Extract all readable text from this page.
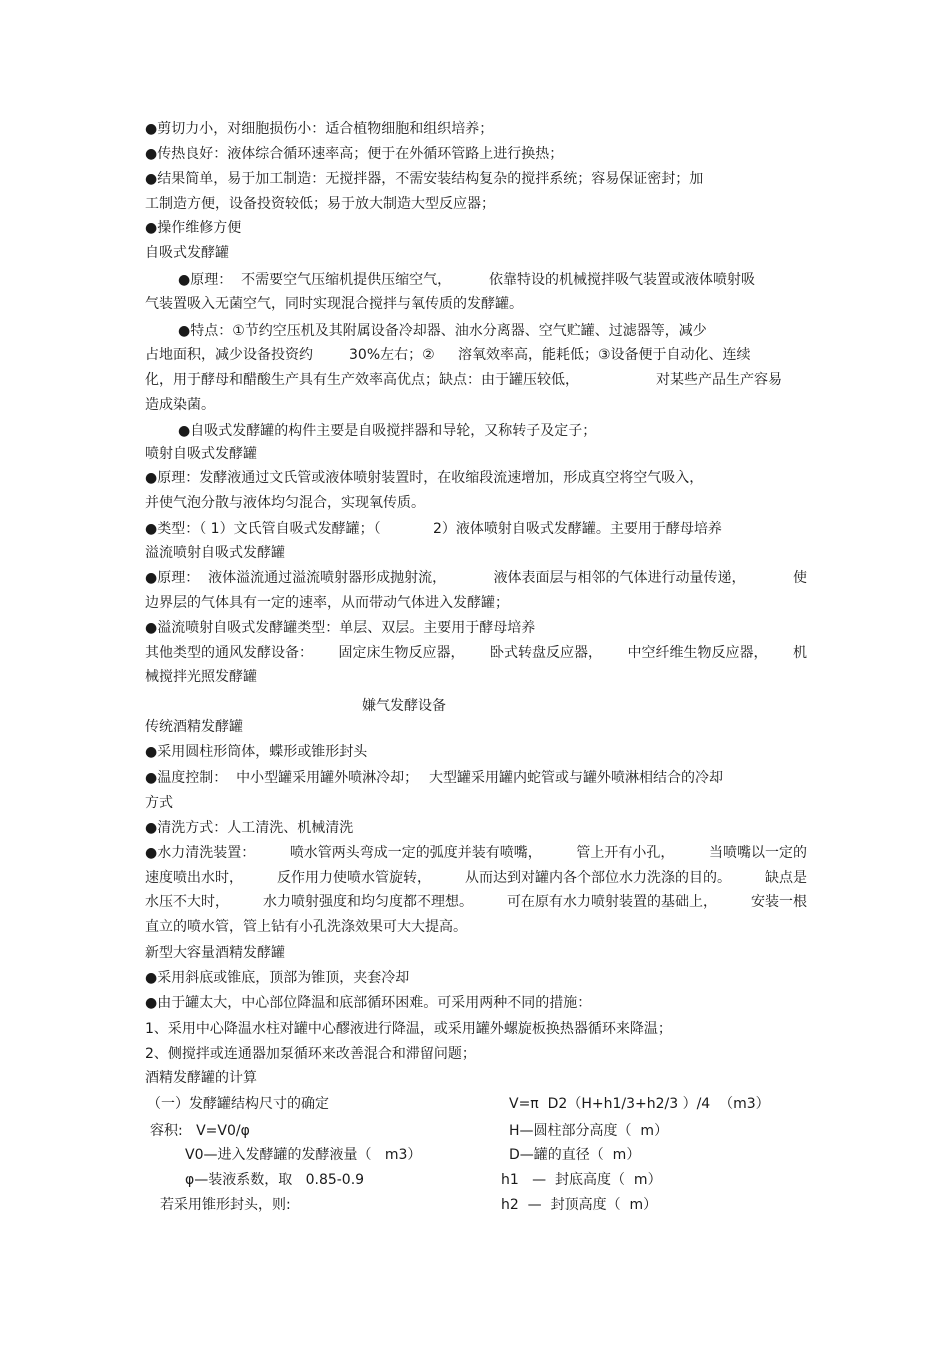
●剪切力小，对细胞损伤小：适合植物细胞和组织培养；
●传热良好：液体综合循环速率高；便于在外循环管路上进行换热；
●结果简单，易于加工制造：无搅拌器，不需安装结构复杂的搅拌系统；容易保证密封；加
工制造方便，设备投资较低；易于放大制造大型反应器；
●操作维修方便
自吸式发酵罐
●原理：  不需要空气压缩机提供压缩空气，	依靠特设的机械搅拌吸气装置或液体喷射吸
气装置吸入无菌空气，同时实现混合搅拌与氧传质的发酵罐。
●特点：①节约空压机及其附属设备冷却器、油水分离器、空气贮罐、过滤器等，减少
占地面积，减少设备投资约	30%左右；② 溶氧效率高，能耗低；③设备便于自动化、连续
化，用于酵母和醋酸生产具有生产效率高优点；缺点：由于罐压较低，	对某些产品生产容易
造成染菌。
●自吸式发酵罐的构件主要是自吸搅拌器和导轮，又称转子及定子；
喷射自吸式发酵罐
●原理：发酵液通过文氏管或液体喷射装置时，在收缩段流速增加，形成真空将空气吸入，
并使气泡分散与液体均匀混合，实现氧传质。
●类型：（ 1）文氏管自吸式发酵罐；（	2）液体喷射自吸式发酵罐。主要用于酵母培养
溢流喷射自吸式发酵罐
●原理：  液体溢流通过溢流喷射器形成抛射流，	液体表面层与相邻的气体进行动量传递，	使
边界层的气体具有一定的速率，从而带动气体进入发酵罐；
●溢流喷射自吸式发酵罐类型：单层、双层。主要用于酵母培养
其他类型的通风发酵设备： 固定床生物反应器， 卧式转盘反应器， 中空纤维生物反应器， 机
械搅拌光照发酵罐
嫌气发酵设备
传统酒精发酵罐
●采用圆柱形筒体，蝶形或锥形封头
●温度控制：  中小型罐采用罐外喷淋冷却； 大型罐采用罐内蛇管或与罐外喷淋相结合的冷却
方式
●清洗方式：人工清洗、机械清洗
●水力清洗装置： 喷水管两头弯成一定的弧度并装有喷嘴， 管上开有小孔， 当喷嘴以一定的
速度喷出水时， 反作用力使喷水管旋转， 从而达到对罐内各个部位水力洗涤的目的。 缺点是
水压不大时， 水力喷射强度和均匀度都不理想。 可在原有水力喷射装置的基础上， 安装一根
直立的喷水管，管上钻有小孔洗涤效果可大大提高。
新型大容量酒精发酵罐
●采用斜底或锥底，顶部为锥顶，夹套冷却
●由于罐太大，中心部位降温和底部循环困难。可采用两种不同的措施：
1、采用中心降温水柱对罐中心醪液进行降温，或采用罐外螺旋板换热器循环来降温；
2、侧搅拌或连通器加泵循环来改善混合和滞留问题；
酒精发酵罐的计算
（一）发酵罐结构尺寸的确定	V=π  D2（H+h1/3+h2/3 ）/4  （m3）
容积:   V=V0/φ	H—圆柱部分高度（  m）
V0—进入发酵罐的发酵液量（   m3）	D—罐的直径（  m）
φ—装液系数，取   0.85-0.9	h1   —  封底高度（  m）
若采用锥形封头，则:	h2  —  封顶高度（  m）
